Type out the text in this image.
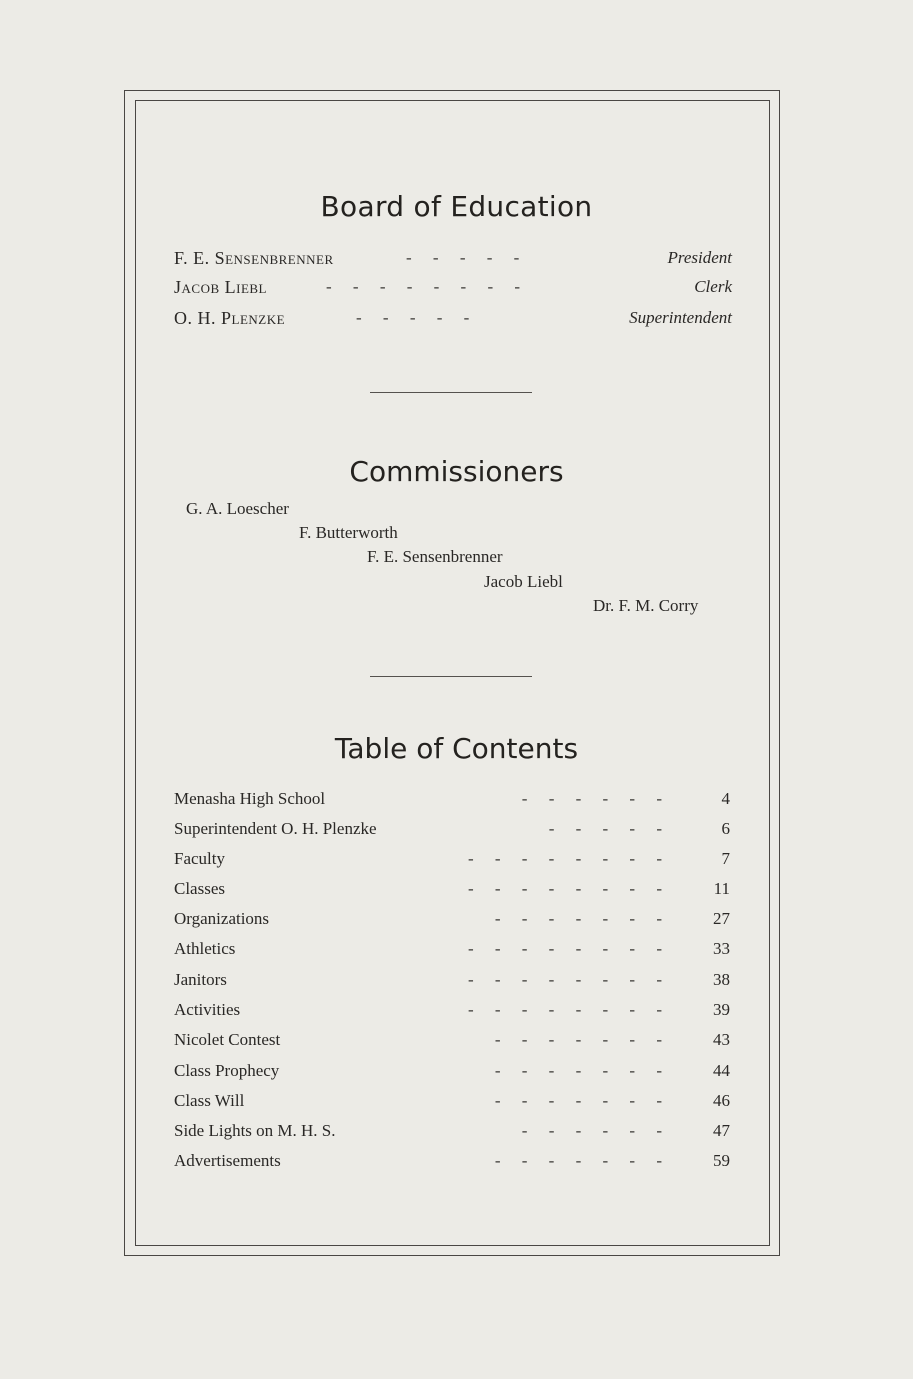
Board of Education
F. E. Sensenbrenner	-     -     -     -     -	President
Jacob Liebl	-     -     -     -     -     -     -     -	Clerk
O. H. Plenzke	-     -     -     -     -	Superintendent
Commissioners
G. A. Loescher
F. Butterworth
F. E. Sensenbrenner
Jacob Liebl
Dr. F. M. Corry
Table of Contents
Menasha High School	-     -     -     -     -     -	4
Superintendent O. H. Plenzke	-     -     -     -     -	6
Faculty	-     -     -     -     -     -     -     -	7
Classes	-     -     -     -     -     -     -     -	11
Organizations	-     -     -     -     -     -     -	27
Athletics	-     -     -     -     -     -     -     -	33
Janitors	-     -     -     -     -     -     -     -	38
Activities	-     -     -     -     -     -     -     -	39
Nicolet Contest	-     -     -     -     -     -     -	43
Class Prophecy	-     -     -     -     -     -     -	44
Class Will	-     -     -     -     -     -     -	46
Side Lights on M. H. S.	-     -     -     -     -     -	47
Advertisements	-     -     -     -     -     -     -	59
